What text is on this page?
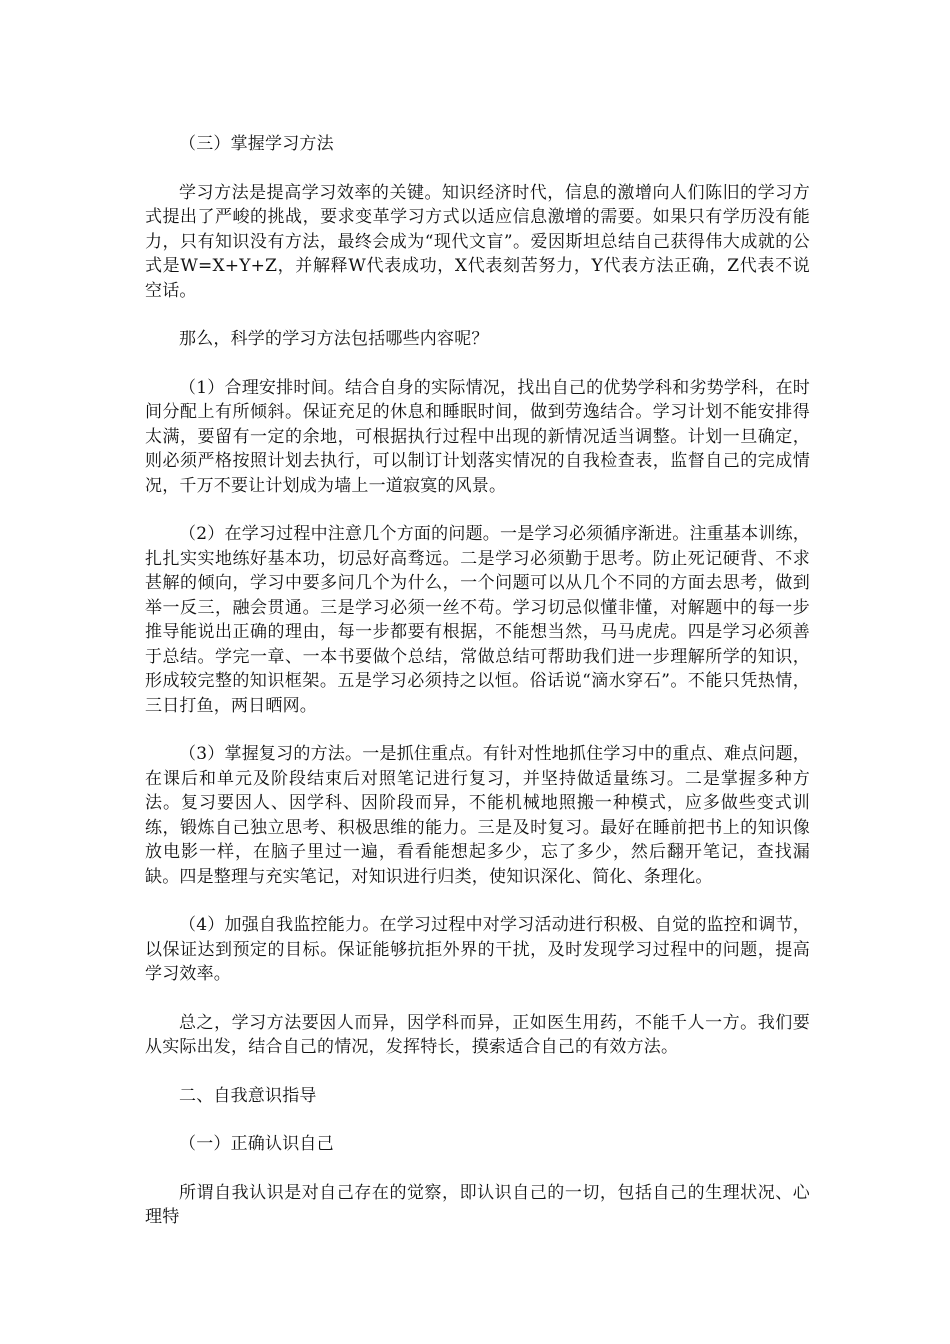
（三）掌握学习方法

学习方法是提高学习效率的关键。知识经济时代，信息的激增向人们陈旧的学习方式提出了严峻的挑战，要求变革学习方式以适应信息激增的需要。如果只有学历没有能力，只有知识没有方法，最终会成为“现代文盲”。爱因斯坦总结自己获得伟大成就的公式是W=X+Y+Z，并解释W代表成功，X代表刻苦努力，Y代表方法正确，Z代表不说空话。

那么，科学的学习方法包括哪些内容呢？

（1）合理安排时间。结合自身的实际情况，找出自己的优势学科和劣势学科，在时间分配上有所倾斜。保证充足的休息和睡眠时间，做到劳逸结合。学习计划不能安排得太满，要留有一定的余地，可根据执行过程中出现的新情况适当调整。计划一旦确定，则必须严格按照计划去执行，可以制订计划落实情况的自我检查表，监督自己的完成情况，千万不要让计划成为墙上一道寂寞的风景。

（2）在学习过程中注意几个方面的问题。一是学习必须循序渐进。注重基本训练，扎扎实实地练好基本功，切忌好高骛远。二是学习必须勤于思考。防止死记硬背、不求甚解的倾向，学习中要多问几个为什么，一个问题可以从几个不同的方面去思考，做到举一反三，融会贯通。三是学习必须一丝不苟。学习切忌似懂非懂，对解题中的每一步推导能说出正确的理由，每一步都要有根据，不能想当然，马马虎虎。四是学习必须善于总结。学完一章、一本书要做个总结，常做总结可帮助我们进一步理解所学的知识，形成较完整的知识框架。五是学习必须持之以恒。俗话说“滴水穿石”。不能只凭热情，三日打鱼，两日晒网。

（3）掌握复习的方法。一是抓住重点。有针对性地抓住学习中的重点、难点问题，在课后和单元及阶段结束后对照笔记进行复习，并坚持做适量练习。二是掌握多种方法。复习要因人、因学科、因阶段而异，不能机械地照搬一种模式，应多做些变式训练，锻炼自己独立思考、积极思维的能力。三是及时复习。最好在睡前把书上的知识像放电影一样，在脑子里过一遍，看看能想起多少，忘了多少，然后翻开笔记，查找漏缺。四是整理与充实笔记，对知识进行归类，使知识深化、简化、条理化。

（4）加强自我监控能力。在学习过程中对学习活动进行积极、自觉的监控和调节，以保证达到预定的目标。保证能够抗拒外界的干扰，及时发现学习过程中的问题，提高学习效率。

总之，学习方法要因人而异，因学科而异，正如医生用药，不能千人一方。我们要从实际出发，结合自己的情况，发挥特长，摸索适合自己的有效方法。

二、自我意识指导

（一）正确认识自己

所谓自我认识是对自己存在的觉察，即认识自己的一切，包括自己的生理状况、心理特
